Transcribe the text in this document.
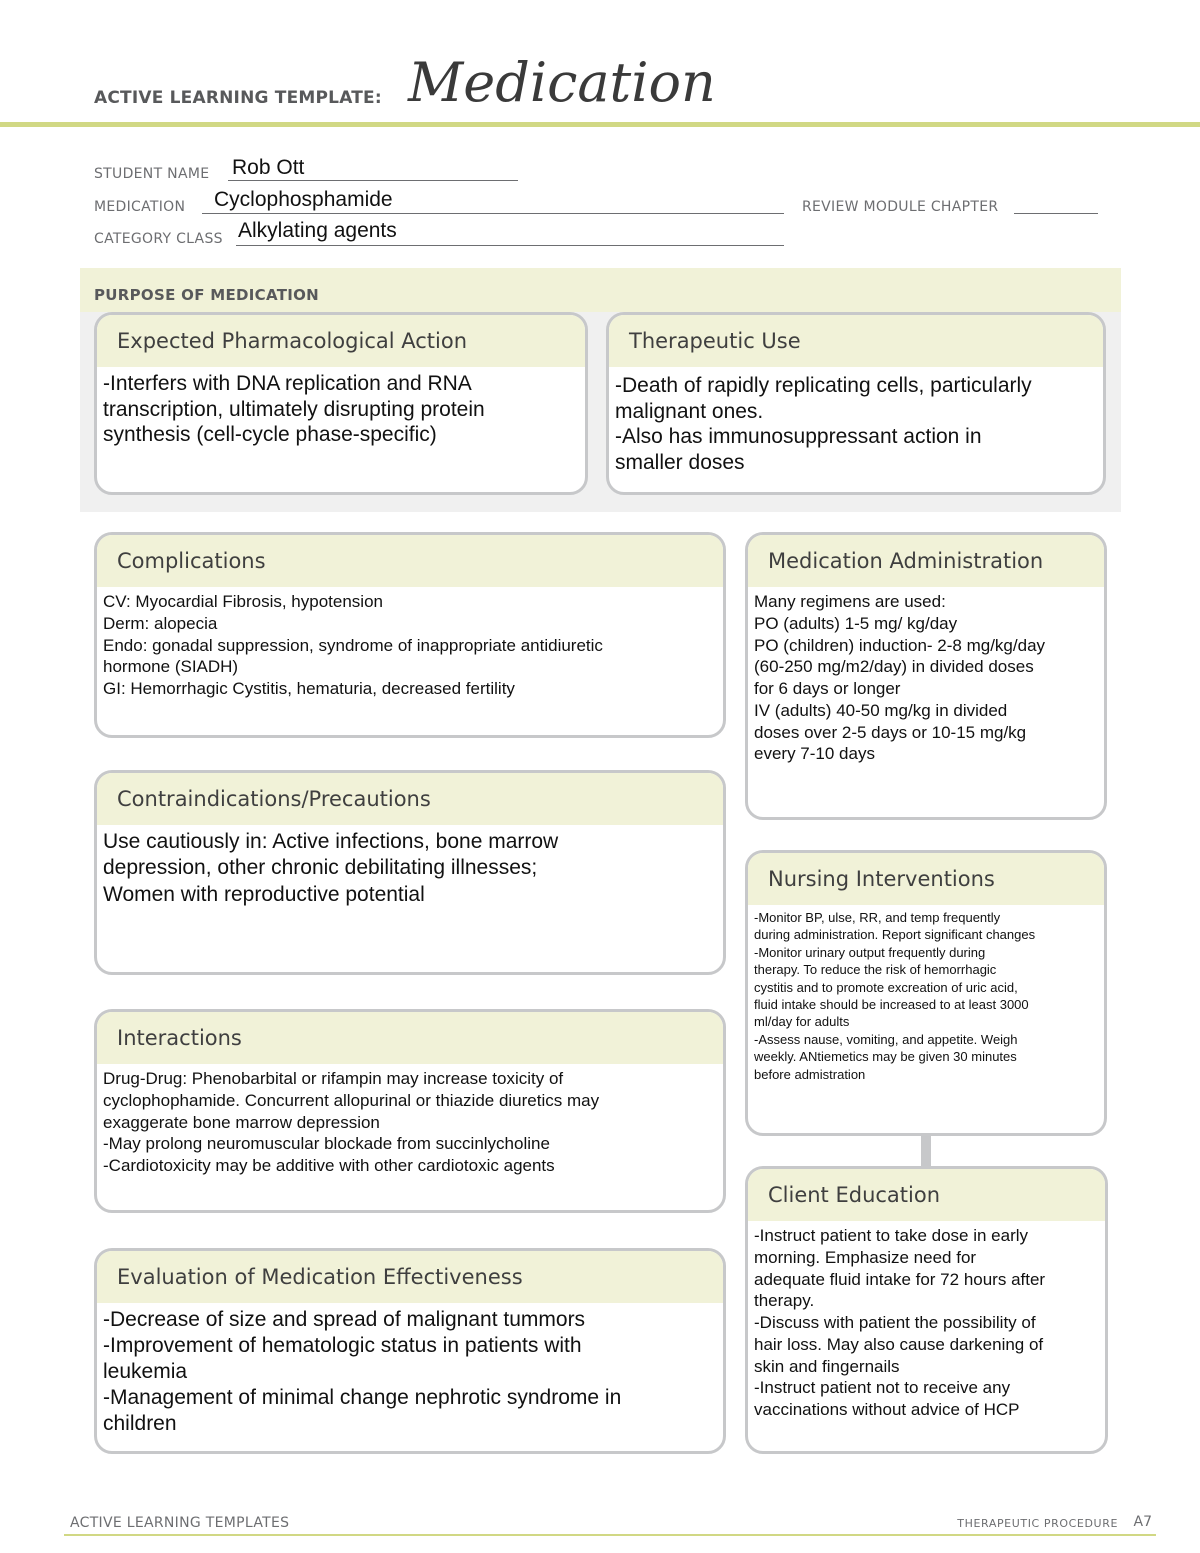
ACTIVE LEARNING TEMPLATE: Medication
STUDENT NAME Rob Ott
MEDICATION Cyclophosphamide	REVIEW MODULE CHAPTER
CATEGORY CLASS Alkylating agents
PURPOSE OF MEDICATION
Expected Pharmacological Action
-Interfers with DNA replication and RNA
transcription, ultimately disrupting protein
synthesis (cell-cycle phase-specific)
Therapeutic Use
-Death of rapidly replicating cells, particularly
malignant ones.
-Also has immunosuppressant action in
smaller doses
Complications
CV: Myocardial Fibrosis, hypotension
Derm: alopecia
Endo: gonadal suppression, syndrome of inappropriate antidiuretic
hormone (SIADH)
GI: Hemorrhagic Cystitis, hematuria, decreased fertility
Contraindications/Precautions
Use cautiously in: Active infections, bone marrow
depression, other chronic debilitating illnesses;
Women with reproductive potential
Interactions
Drug-Drug: Phenobarbital or rifampin may increase toxicity of
cyclophophamide. Concurrent allopurinal or thiazide diuretics may
exaggerate bone marrow depression
-May prolong neuromuscular blockade from succinlycholine
-Cardiotoxicity may be additive with other cardiotoxic agents
Evaluation of Medication Effectiveness
-Decrease of size and spread of malignant tummors
-Improvement of hematologic status in patients with
leukemia
-Management of minimal change nephrotic syndrome in
children
Medication Administration
Many regimens are used:
PO (adults) 1-5 mg/ kg/day
PO (children) induction- 2-8 mg/kg/day
(60-250 mg/m2/day) in divided doses
for 6 days or longer
IV (adults) 40-50 mg/kg in divided
doses over 2-5 days or 10-15 mg/kg
every 7-10 days
Nursing Interventions
-Monitor BP, ulse, RR, and temp frequently
during administration. Report significant changes
-Monitor urinary output frequently during
therapy. To reduce the risk of hemorrhagic
cystitis and to promote excreation of uric acid,
fluid intake should be increased to at least 3000
ml/day for adults
-Assess nause, vomiting, and appetite. Weigh
weekly. ANtiemetics may be given 30 minutes
before admistration
Client Education
-Instruct patient to take dose in early
morning. Emphasize need for
adequate fluid intake for 72 hours after
therapy.
-Discuss with patient the possibility of
hair loss. May also cause darkening of
skin and fingernails
-Instruct patient not to receive any
vaccinations without advice of HCP
ACTIVE LEARNING TEMPLATES	THERAPEUTIC PROCEDURE A7
